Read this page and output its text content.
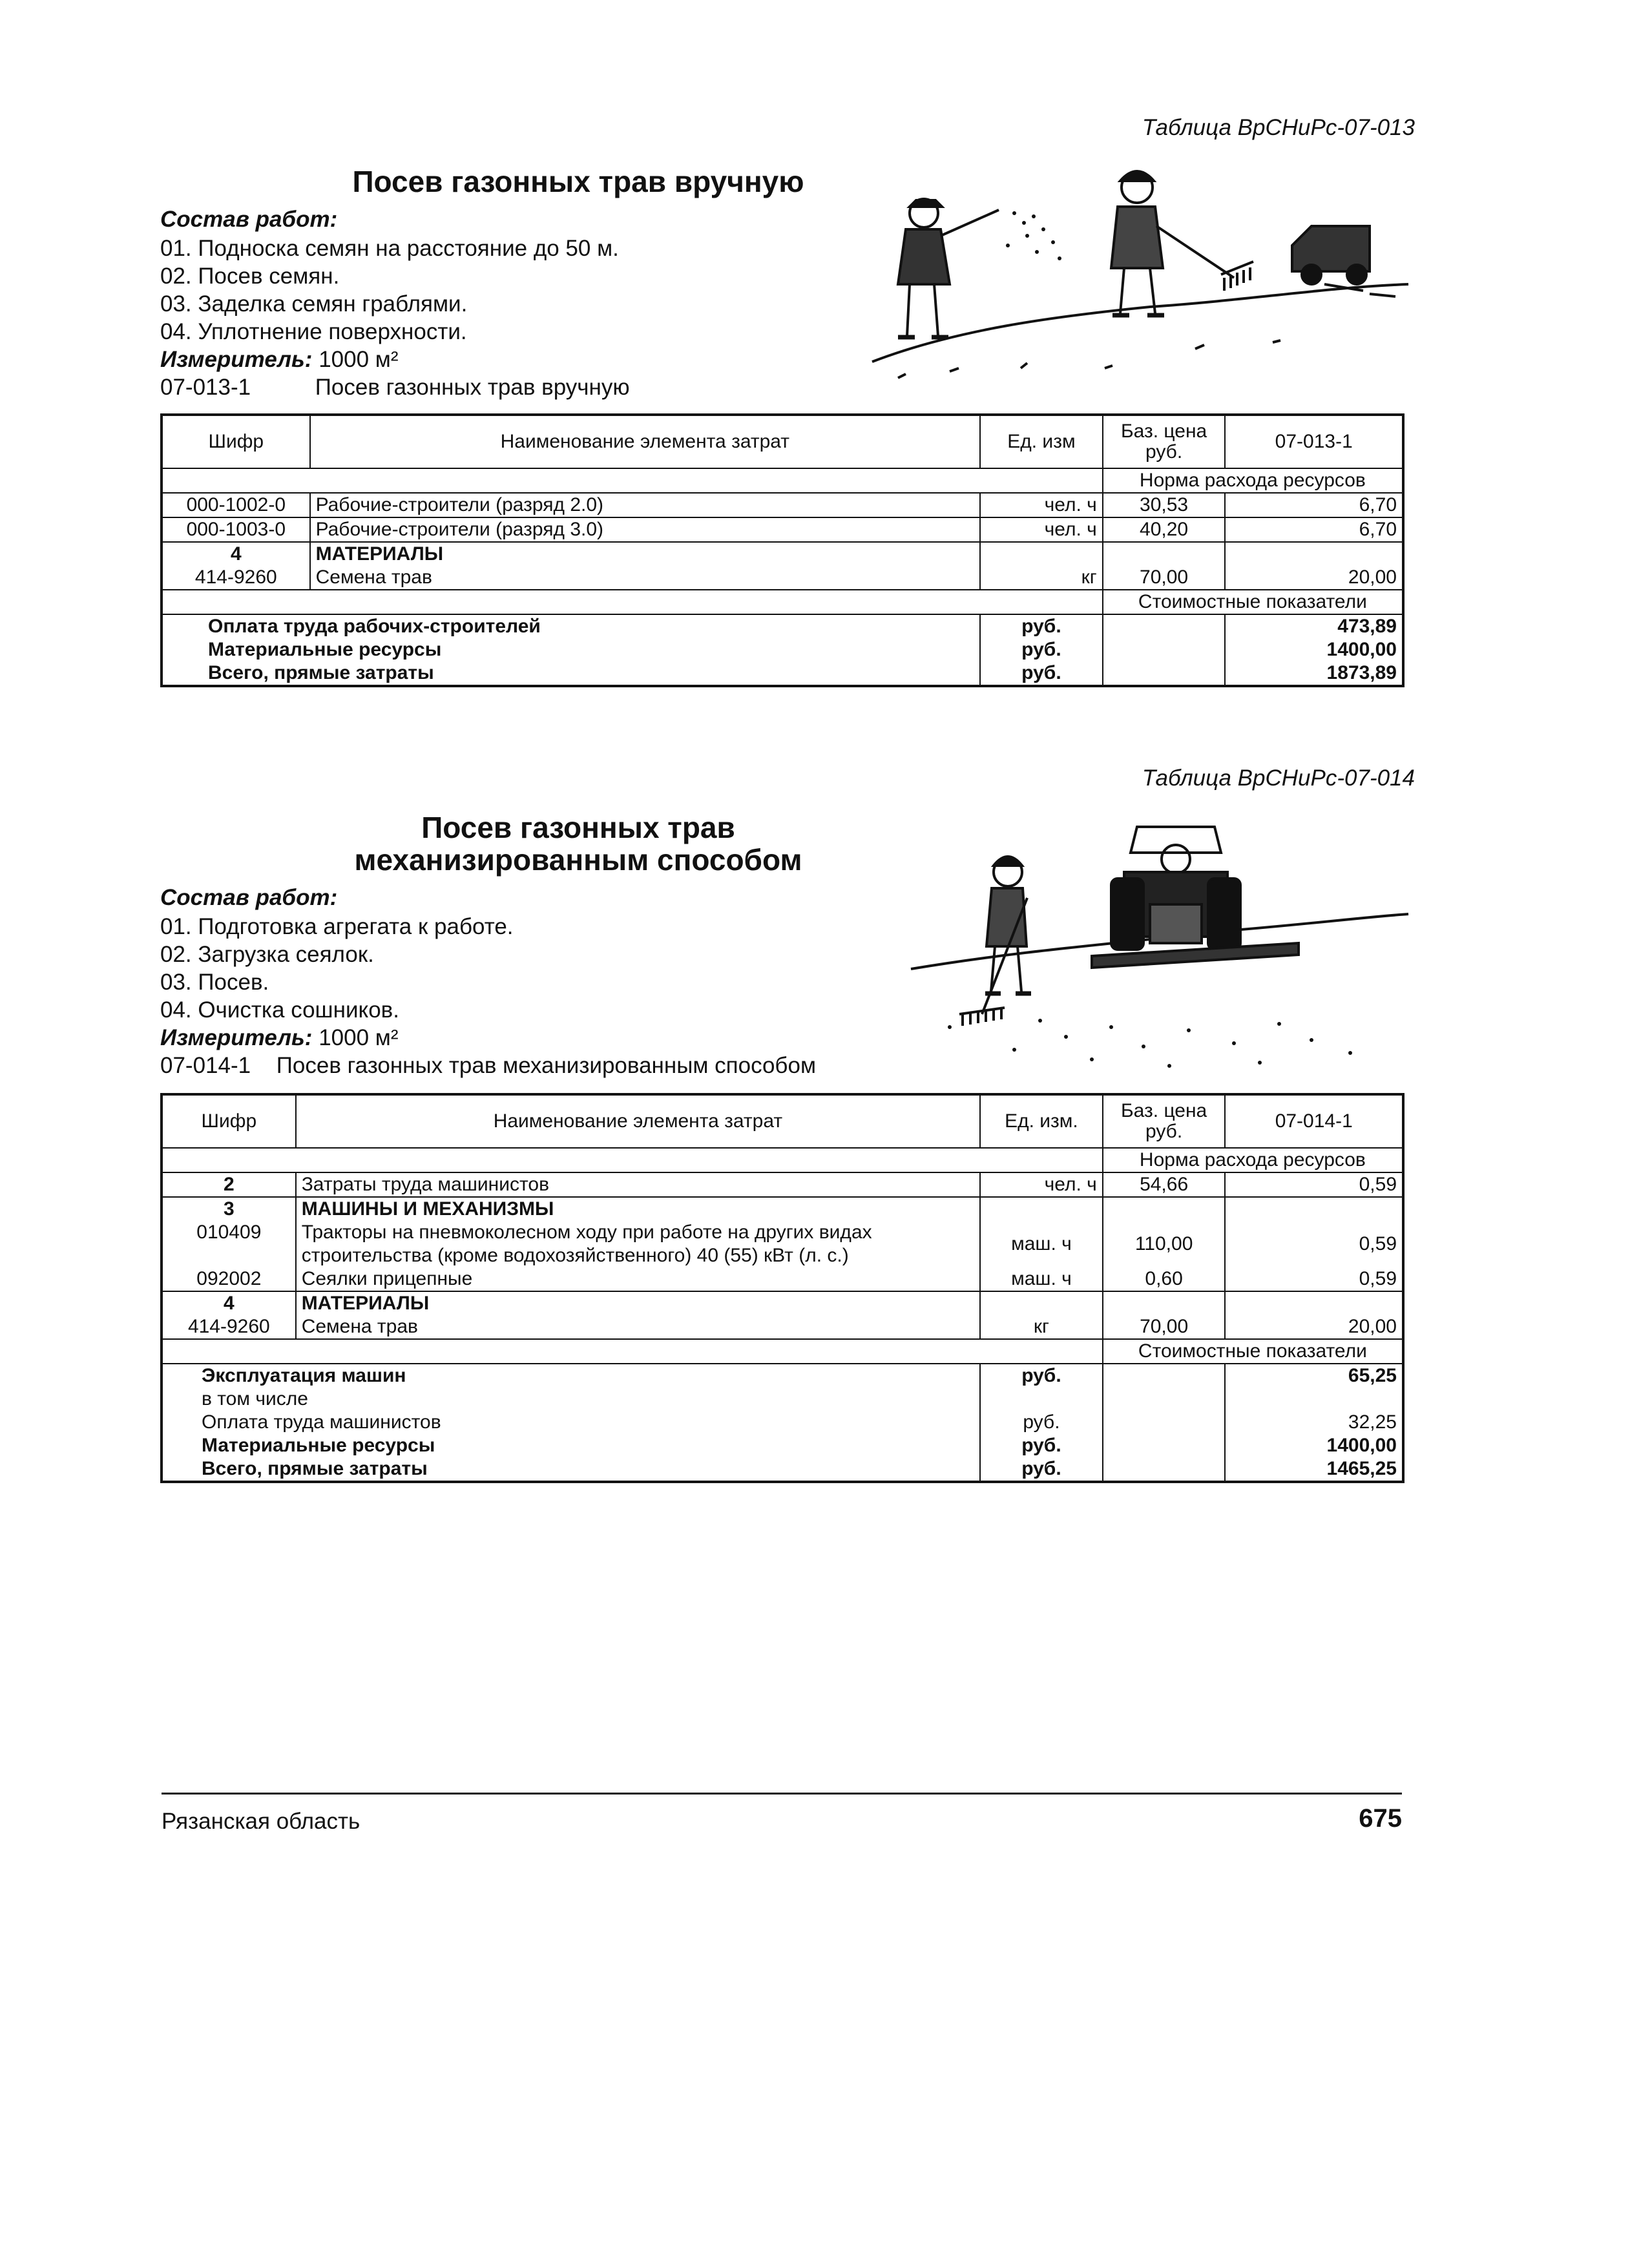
Таблица ВрСНиРс-07-013
Посев газонных трав вручную
Состав работ:
01. Подноска семян на расстояние до 50 м.
02. Посев семян.
03. Заделка семян граблями.
04. Уплотнение поверхности.
Измеритель: 1000 м²
07-013-1	Посев газонных трав вручную
Шифр	Наименование элемента затрат	Ед. изм	Баз. цена руб.	07-013-1
			Норма расхода ресурсов	
000-1002-0	Рабочие-строители (разряд 2.0)	чел. ч	30,53	6,70
000-1003-0	Рабочие-строители (разряд 3.0)	чел. ч	40,20	6,70
4	МАТЕРИАЛЫ			
414-9260	Семена трав	кг	70,00	20,00
			Стоимостные показатели	
Оплата труда рабочих-строителей		руб.		473,89
Материальные ресурсы		руб.		1400,00
Всего, прямые затраты		руб.		1873,89
Таблица ВрСНиРс-07-014
Посев газонных трав
механизированным способом
Состав работ:
01. Подготовка агрегата к работе.
02. Загрузка сеялок.
03. Посев.
04. Очистка сошников.
Измеритель: 1000 м²
07-014-1 Посев газонных трав механизированным способом
Шифр	Наименование элемента затрат	Ед. изм.	Баз. цена руб.	07-014-1
			Норма расхода ресурсов	
2	Затраты труда машинистов	чел. ч	54,66	0,59
3	МАШИНЫ И МЕХАНИЗМЫ			
010409	Тракторы на пневмоколесном ходу при работе на других видах строительства (кроме водохозяйственного) 40 (55) кВт (л. с.)	маш. ч	110,00	0,59
092002	Сеялки прицепные	маш. ч	0,60	0,59
4	МАТЕРИАЛЫ			
414-9260	Семена трав	кг	70,00	20,00
			Стоимостные показатели	
Эксплуатация машин		руб.		65,25
в том числе				
Оплата труда машинистов		руб.		32,25
Материальные ресурсы		руб.		1400,00
Всего, прямые затраты		руб.		1465,25
Рязанская область	675
